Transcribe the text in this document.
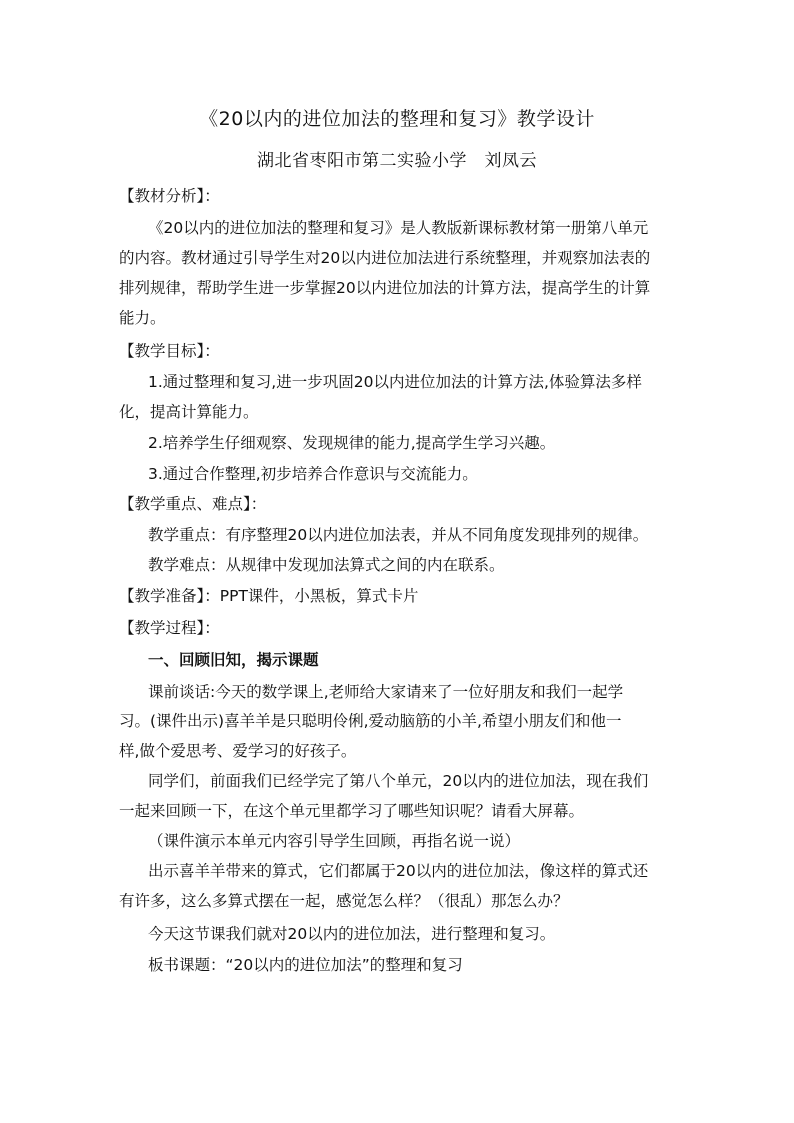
《20以内的进位加法的整理和复习》教学设计
湖北省枣阳市第二实验小学　刘凤云
【教材分析】：
《20以内的进位加法的整理和复习》是人教版新课标教材第一册第八单元
的内容。教材通过引导学生对20以内进位加法进行系统整理，并观察加法表的
排列规律，帮助学生进一步掌握20以内进位加法的计算方法，提高学生的计算
能力。
【教学目标】：
1.通过整理和复习,进一步巩固20以内进位加法的计算方法,体验算法多样
化，提高计算能力。
2.培养学生仔细观察、发现规律的能力,提高学生学习兴趣。
3.通过合作整理,初步培养合作意识与交流能力。
【教学重点、难点】：
教学重点：有序整理20以内进位加法表，并从不同角度发现排列的规律。
教学难点：从规律中发现加法算式之间的内在联系。
【教学准备】：PPT课件，小黑板，算式卡片
【教学过程】：
一、回顾旧知，揭示课题
课前谈话:今天的数学课上,老师给大家请来了一位好朋友和我们一起学
习。(课件出示)喜羊羊是只聪明伶俐,爱动脑筋的小羊,希望小朋友们和他一
样,做个爱思考、爱学习的好孩子。
同学们，前面我们已经学完了第八个单元，20以内的进位加法，现在我们
一起来回顾一下，在这个单元里都学习了哪些知识呢？请看大屏幕。
（课件演示本单元内容引导学生回顾，再指名说一说）
出示喜羊羊带来的算式，它们都属于20以内的进位加法，像这样的算式还
有许多，这么多算式摆在一起，感觉怎么样？（很乱）那怎么办？
今天这节课我们就对20以内的进位加法，进行整理和复习。
板书课题：“20以内的进位加法”的整理和复习
